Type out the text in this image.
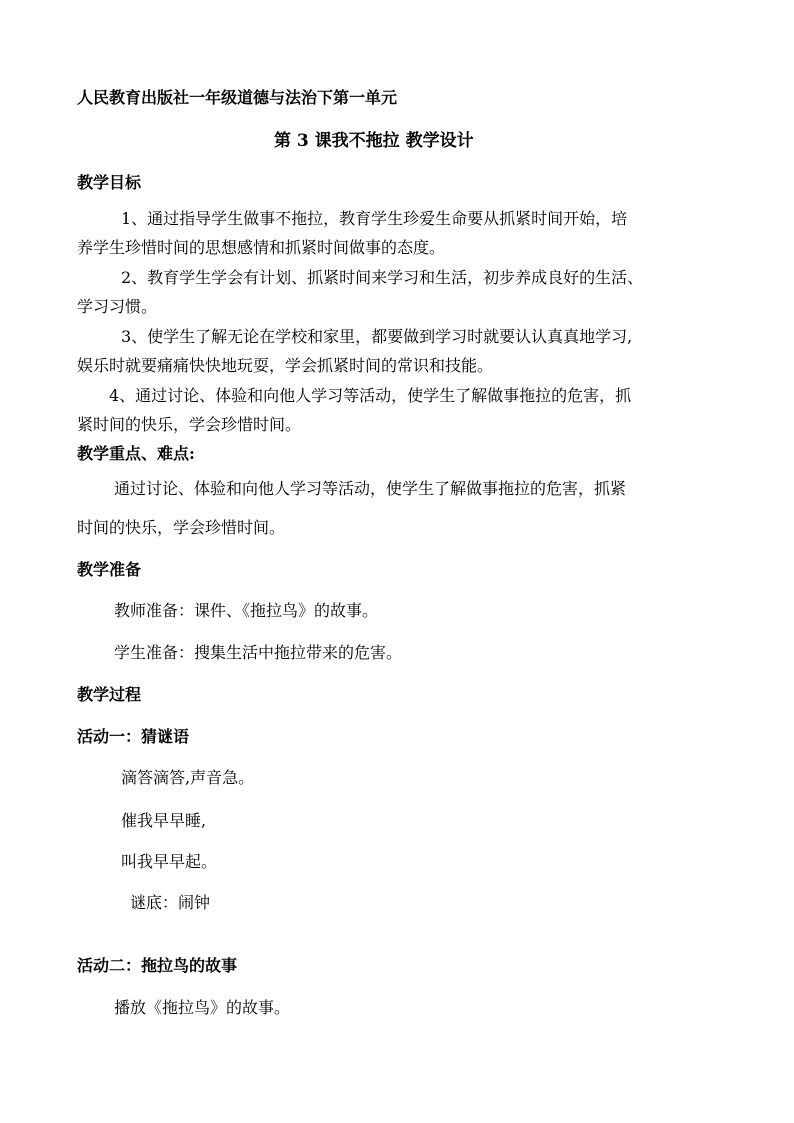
人民教育出版社一年级道德与法治下第一单元
第 3 课我不拖拉 教学设计
教学目标
1、通过指导学生做事不拖拉，教育学生珍爱生命要从抓紧时间开始，培
养学生珍惜时间的思想感情和抓紧时间做事的态度。
2、教育学生学会有计划、抓紧时间来学习和生活，初步养成良好的生活、
学习习惯。
3、使学生了解无论在学校和家里，都要做到学习时就要认认真真地学习,
娱乐时就要痛痛快快地玩耍，学会抓紧时间的常识和技能。
4、通过讨论、体验和向他人学习等活动，使学生了解做事拖拉的危害，抓
紧时间的快乐，学会珍惜时间。
教学重点、难点:
通过讨论、体验和向他人学习等活动，使学生了解做事拖拉的危害，抓紧
时间的快乐，学会珍惜时间。
教学准备
教师准备：课件、《拖拉鸟》的故事。
学生准备：搜集生活中拖拉带来的危害。
教学过程
活动一：猜谜语
滴答滴答,声音急。
催我早早睡,
叫我早早起。
谜底：闹钟
活动二：拖拉鸟的故事
播放《拖拉鸟》的故事。
